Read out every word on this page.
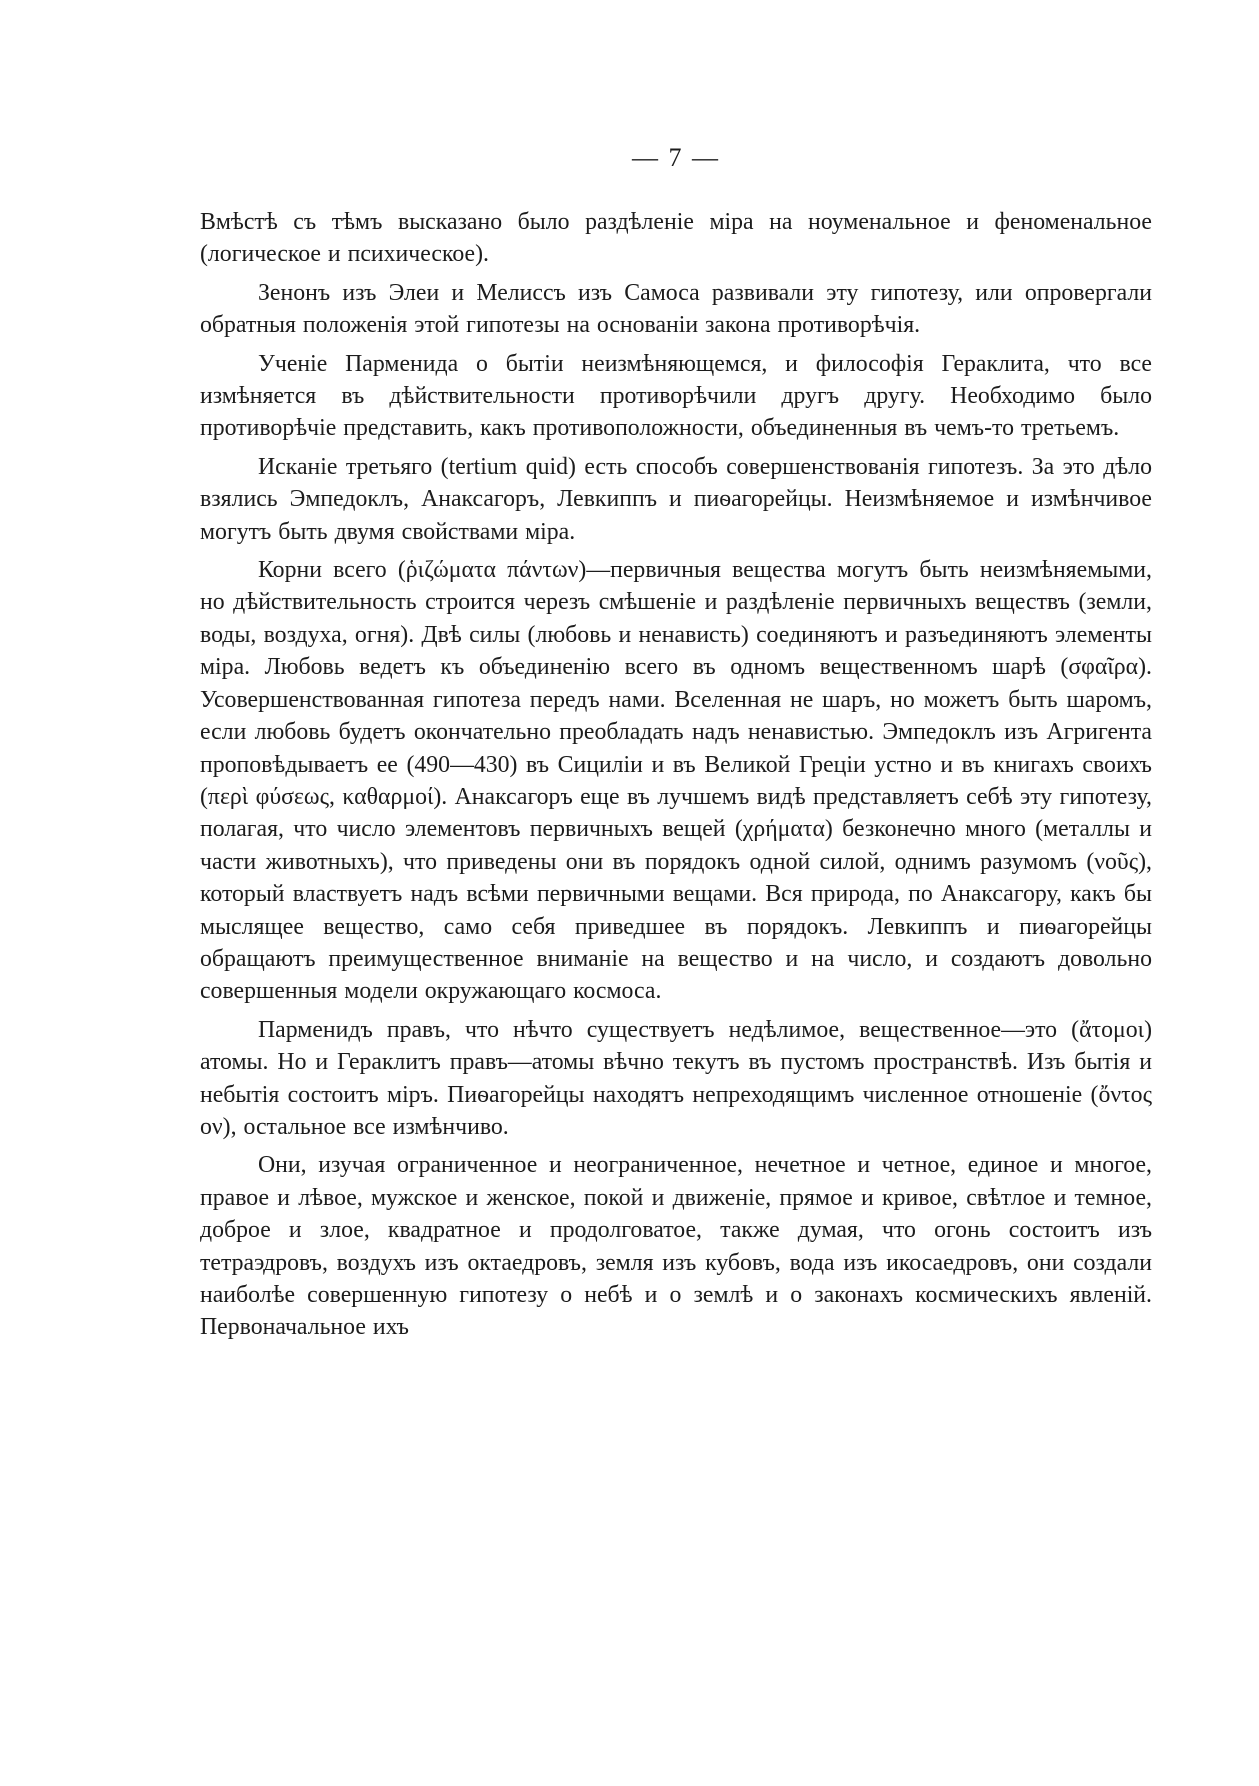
— 7 —

Вмѣстѣ съ тѣмъ высказано было раздѣленіе міра на ноуменальное и феноменальное (логическое и психическое).

Зенонъ изъ Элеи и Мелиссъ изъ Самоса развивали эту гипотезу, или опровергали обратныя положенія этой гипотезы на основаніи закона противорѣчія.

Ученіе Парменида о бытіи неизмѣняющемся, и философія Гераклита, что все измѣняется въ дѣйствительности противорѣчили другъ другу. Необходимо было противорѣчіе представить, какъ противоположности, объединенныя въ чемъ-то третьемъ.

Исканіе третьяго (tertium quid) есть способъ совершенствованія гипотезъ. За это дѣло взялись Эмпедоклъ, Анаксагоръ, Левкиппъ и пиѳагорейцы. Неизмѣняемое и измѣнчивое могутъ быть двумя свойствами міра.

Корни всего (ῥιζώματα πάντων)—первичныя вещества могутъ быть неизмѣняемыми, но дѣйствительность строится черезъ смѣшеніе и раздѣленіе первичныхъ веществъ (земли, воды, воздуха, огня). Двѣ силы (любовь и ненависть) соединяютъ и разъединяютъ элементы міра. Любовь ведетъ къ объединенію всего въ одномъ вещественномъ шарѣ (σφαῖρα). Усовершенствованная гипотеза передъ нами. Вселенная не шаръ, но можетъ быть шаромъ, если любовь будетъ окончательно преобладать надъ ненавистью. Эмпедоклъ изъ Агригента проповѣдываетъ ее (490—430) въ Сициліи и въ Великой Греціи устно и въ книгахъ своихъ (περὶ φύσεως, καθαρμοί). Анаксагоръ еще въ лучшемъ видѣ представляетъ себѣ эту гипотезу, полагая, что число элементовъ первичныхъ вещей (χρήματα) безконечно много (металлы и части животныхъ), что приведены они въ порядокъ одной силой, однимъ разумомъ (νοῦς), который властвуетъ надъ всѣми первичными вещами. Вся природа, по Анаксагору, какъ бы мыслящее вещество, само себя приведшее въ порядокъ. Левкиппъ и пиѳагорейцы обращаютъ преимущественное вниманіе на вещество и на число, и создаютъ довольно совершенныя модели окружающаго космоса.

Парменидъ правъ, что нѣчто существуетъ недѣлимое, вещественное—это (ἄτομοι) атомы. Но и Гераклитъ правъ—атомы вѣчно текутъ въ пустомъ пространствѣ. Изъ бытія и небытія состоитъ міръ. Пиѳагорейцы находятъ непреходящимъ численное отношеніе (ὄντος ον), остальное все измѣнчиво.

Они, изучая ограниченное и неограниченное, нечетное и четное, единое и многое, правое и лѣвое, мужское и женское, покой и движеніе, прямое и кривое, свѣтлое и темное, доброе и злое, квадратное и продолговатое, также думая, что огонь состоитъ изъ тетраэдровъ, воздухъ изъ октаедровъ, земля изъ кубовъ, вода изъ икосаедровъ, они создали наиболѣе совершенную гипотезу о небѣ и о землѣ и о законахъ космическихъ явленій. Первоначальное ихъ
